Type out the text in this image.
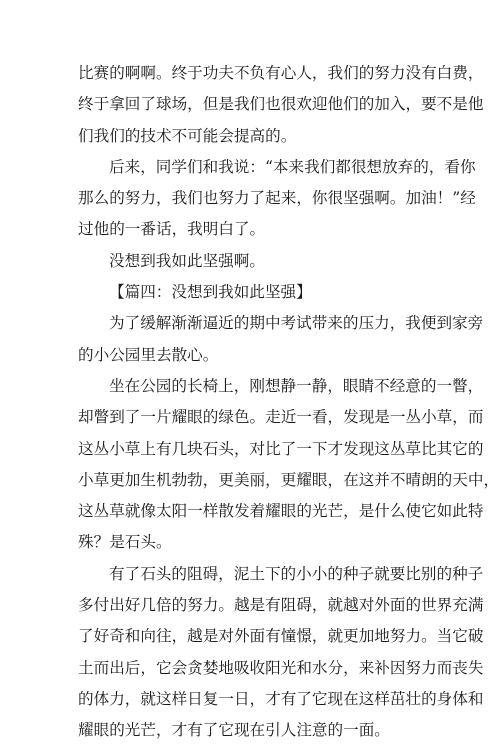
比赛的啊啊。终于功夫不负有心人，我们的努力没有白费，
终于拿回了球场，但是我们也很欢迎他们的加入，要不是他
们我们的技术不可能会提高的。
后来，同学们和我说：“本来我们都很想放弃的，看你
那么的努力，我们也努力了起来，你很坚强啊。加油！”经
过他的一番话，我明白了。
没想到我如此坚强啊。
【篇四：没想到我如此坚强】
为了缓解渐渐逼近的期中考试带来的压力，我便到家旁
的小公园里去散心。
坐在公园的长椅上，刚想静一静，眼睛不经意的一瞥，
却瞥到了一片耀眼的绿色。走近一看，发现是一丛小草，而
这丛小草上有几块石头，对比了一下才发现这丛草比其它的
小草更加生机勃勃，更美丽，更耀眼，在这并不晴朗的天中，
这丛草就像太阳一样散发着耀眼的光芒，是什么使它如此特
殊？是石头。
有了石头的阻碍，泥土下的小小的种子就要比别的种子
多付出好几倍的努力。越是有阻碍，就越对外面的世界充满
了好奇和向往，越是对外面有憧憬，就更加地努力。当它破
土而出后，它会贪婪地吸收阳光和水分，来补因努力而丧失
的体力，就这样日复一日，才有了它现在这样茁壮的身体和
耀眼的光芒，才有了它现在引人注意的一面。
